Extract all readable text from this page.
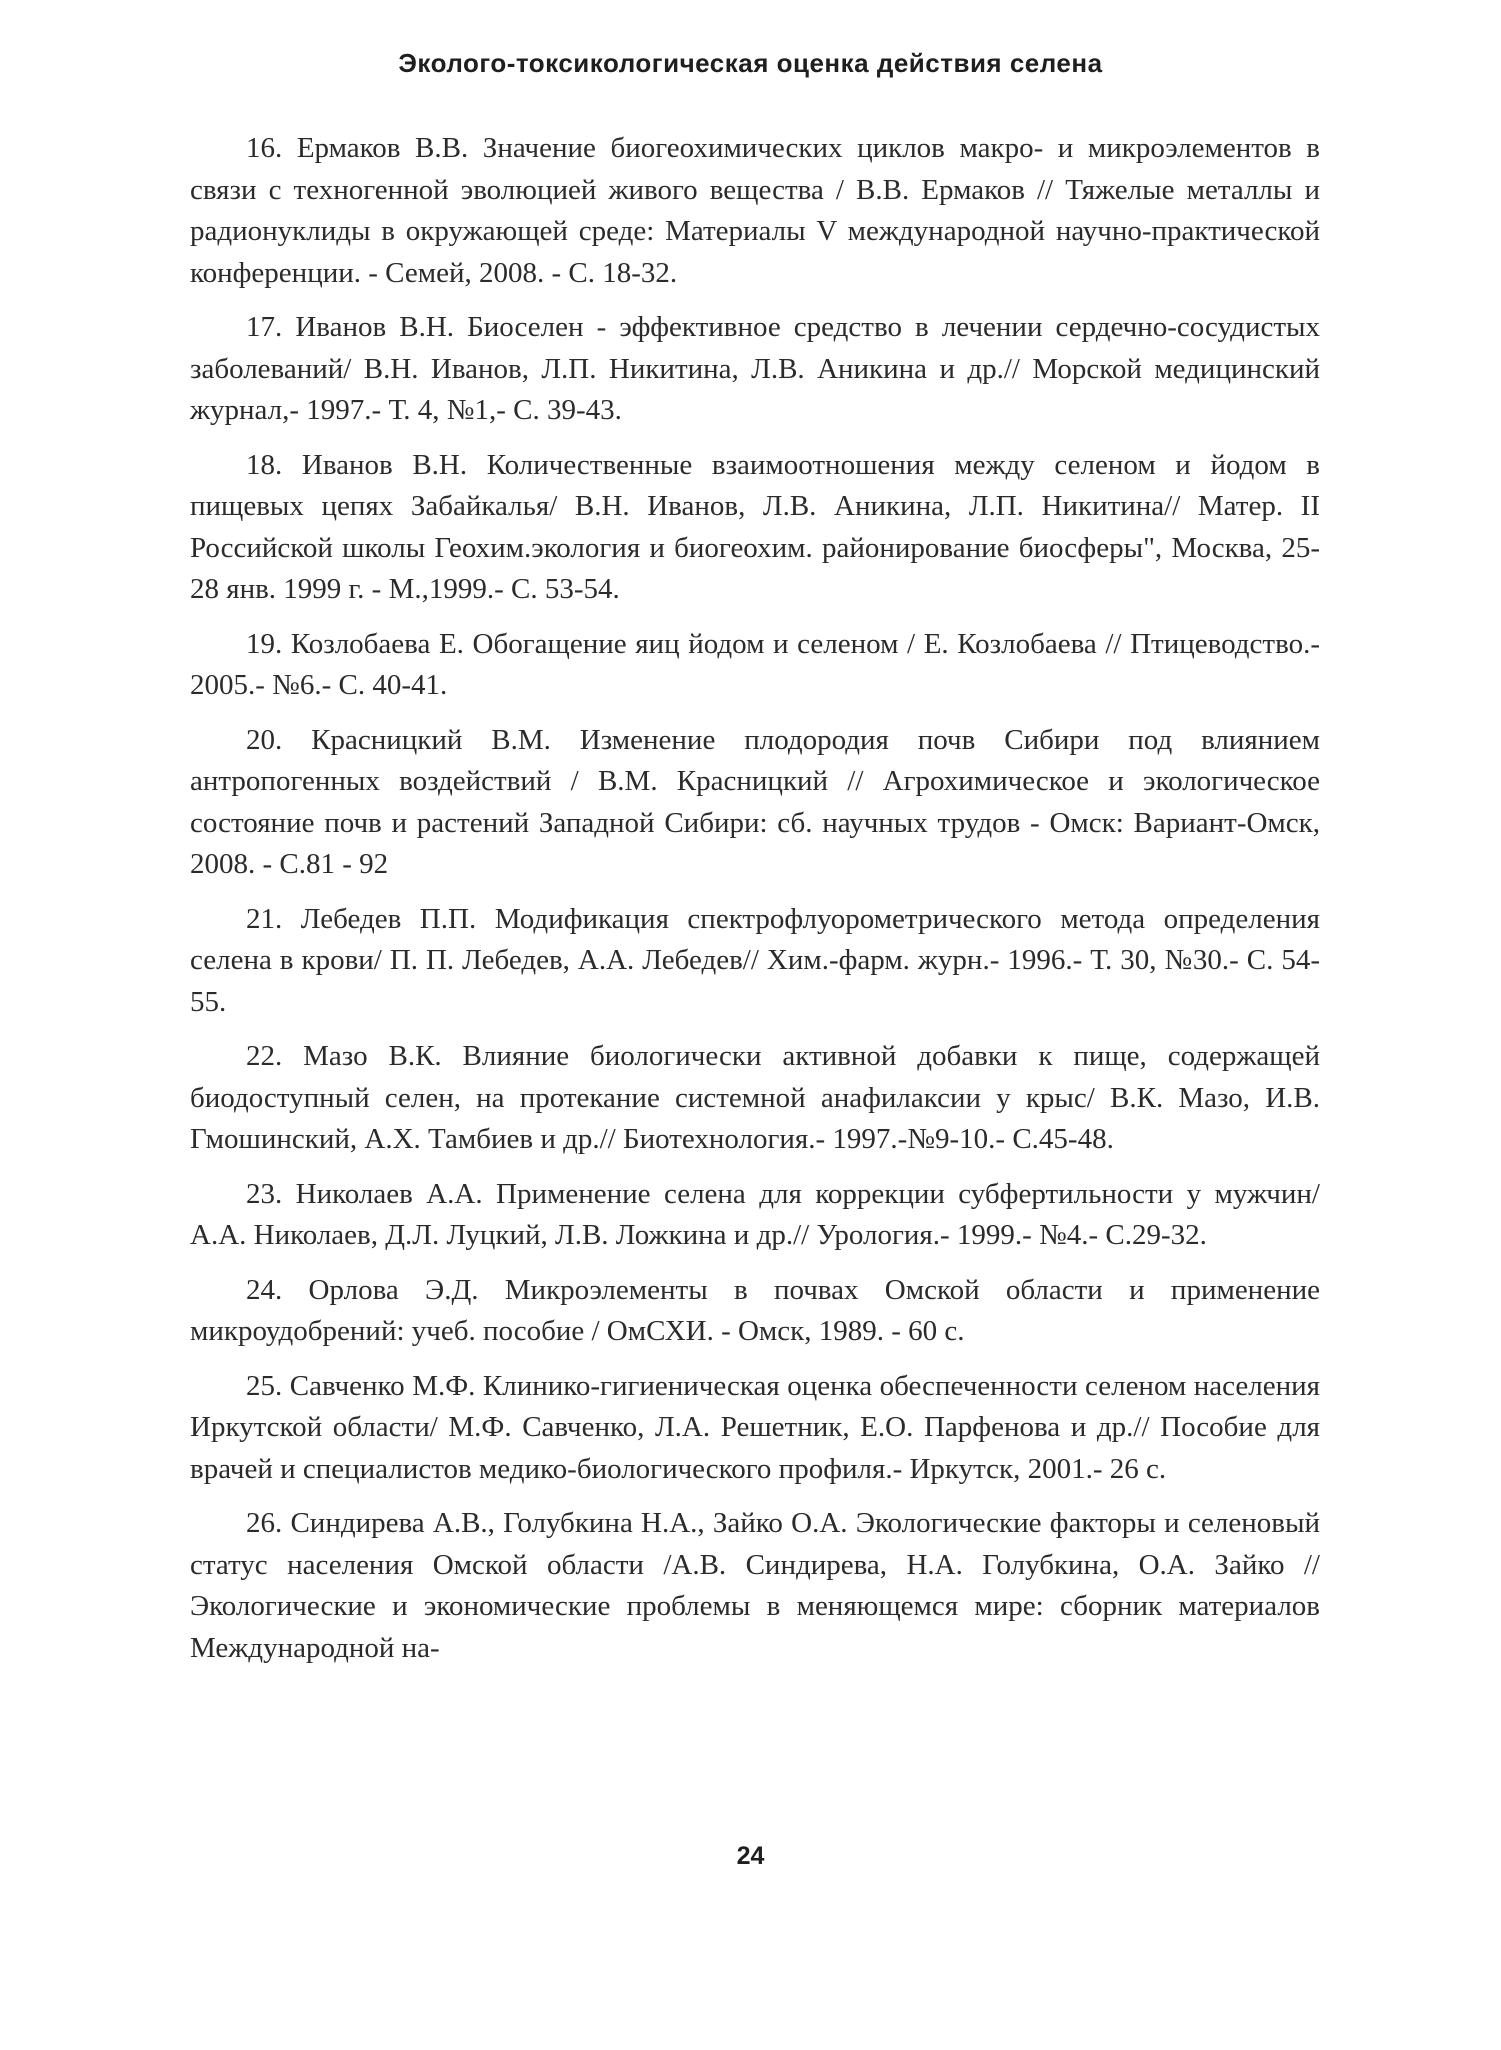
Эколого-токсикологическая оценка действия селена

16. Ермаков В.В. Значение биогеохимических циклов макро- и микроэлементов в связи с техногенной эволюцией живого вещества / В.В. Ермаков // Тяжелые металлы и радионуклиды в окружающей среде: Материалы V международной научно-практической конференции. - Семей, 2008. - С. 18-32.

17. Иванов В.Н. Биоселен - эффективное средство в лечении сердечно-сосудистых заболеваний/ В.Н. Иванов, Л.П. Никитина, Л.В. Аникина и др.// Морской медицинский журнал,- 1997.- Т. 4, №1,- С. 39-43.

18. Иванов В.Н. Количественные взаимоотношения между селеном и йодом в пищевых цепях Забайкалья/ В.Н. Иванов, Л.В. Аникина, Л.П. Никитина// Матер. II Российской школы Геохим.экология и биогеохим. районирование биосферы", Москва, 25-28 янв. 1999 г. - М.,1999.- С. 53-54.

19. Козлобаева Е. Обогащение яиц йодом и селеном / Е. Козлобаева // Птицеводство.- 2005.- №6.- С. 40-41.

20. Красницкий В.М. Изменение плодородия почв Сибири под влиянием антропогенных воздействий / В.М. Красницкий // Агрохимическое и экологическое состояние почв и растений Западной Сибири: сб. научных трудов - Омск: Вариант-Омск, 2008. - С.81 - 92

21. Лебедев П.П. Модификация спектрофлуорометрического метода определения селена в крови/ П. П. Лебедев, А.А. Лебедев// Хим.-фарм. журн.- 1996.- Т. 30, №30.- С. 54-55.

22. Мазо В.К. Влияние биологически активной добавки к пище, содержащей биодоступный селен, на протекание системной анафилаксии у крыс/ В.К. Мазо, И.В. Гмошинский, А.Х. Тамбиев и др.// Биотехнология.- 1997.-№9-10.- С.45-48.

23. Николаев А.А. Применение селена для коррекции субфертильности у мужчин/ А.А. Николаев, Д.Л. Луцкий, Л.В. Ложкина и др.// Урология.- 1999.- №4.- С.29-32.

24. Орлова Э.Д. Микроэлементы в почвах Омской области и применение микроудобрений: учеб. пособие / ОмСХИ. - Омск, 1989. - 60 с.

25. Савченко М.Ф. Клинико-гигиеническая оценка обеспеченности селеном населения Иркутской области/ М.Ф. Савченко, Л.А. Решетник, Е.О. Парфенова и др.// Пособие для врачей и специалистов медико-биологического профиля.- Иркутск, 2001.- 26 с.

26. Синдирева А.В., Голубкина Н.А., Зайко О.А. Экологические факторы и селеновый статус населения Омской области /А.В. Синдирева, Н.А. Голубкина, О.А. Зайко // Экологические и экономические проблемы в меняющемся мире: сборник материалов Международной на-

24
